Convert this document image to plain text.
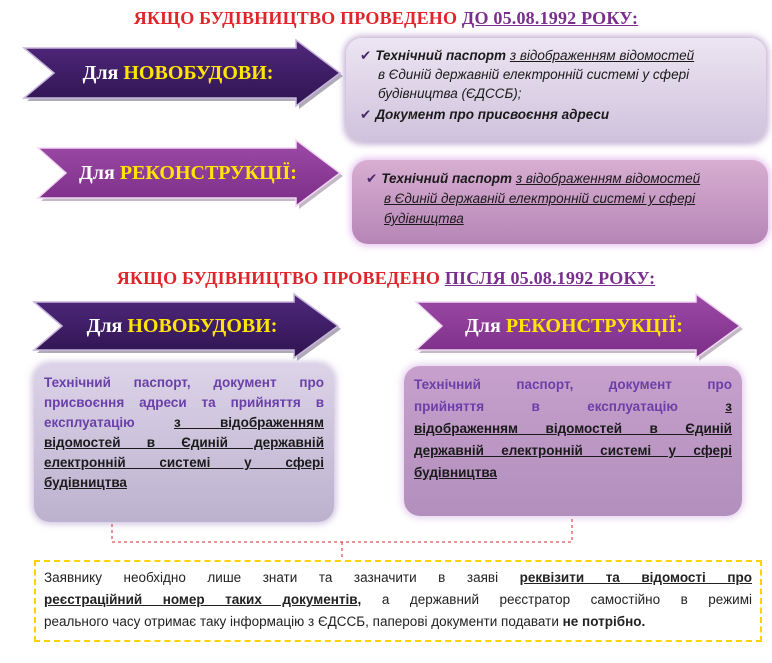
ЯКЩО БУДІВНИЦТВО ПРОВЕДЕНО ДО 05.08.1992 РОКУ:
Для НОВОБУДОВИ:
Для РЕКОНСТРУКЦІЇ:
✔ Технічний паспорт з відображенням відомостей
в Єдиній державній електронній системі у сфері
будівництва (ЄДССБ);
✔ Документ про присвоєння адреси
✔ Технічний паспорт з відображенням відомостей
в Єдиній державній електронній системі у сфері
будівництва
ЯКЩО БУДІВНИЦТВО ПРОВЕДЕНО ПІСЛЯ 05.08.1992 РОКУ:
Для НОВОБУДОВИ:	Для РЕКОНСТРУКЦІЇ:
Технічний паспорт, документ про
присвоєння адреси та прийняття в
експлуатацію	з відображенням
відомостей в Єдиній державній
електронній системі у сфері
будівництва
Технічний паспорт, документ про
прийняття в експлуатацію	з
відображенням відомостей в Єдиній
державній електронній системі у сфері
будівництва
Заявнику необхідно лише знати та зазначити в заяві реквізити та відомості про
реєстраційний номер таких документів, а державний реєстратор самостійно в режимі
реального часу отримає таку інформацію з ЄДССБ, паперові документи подавати не потрібно.
